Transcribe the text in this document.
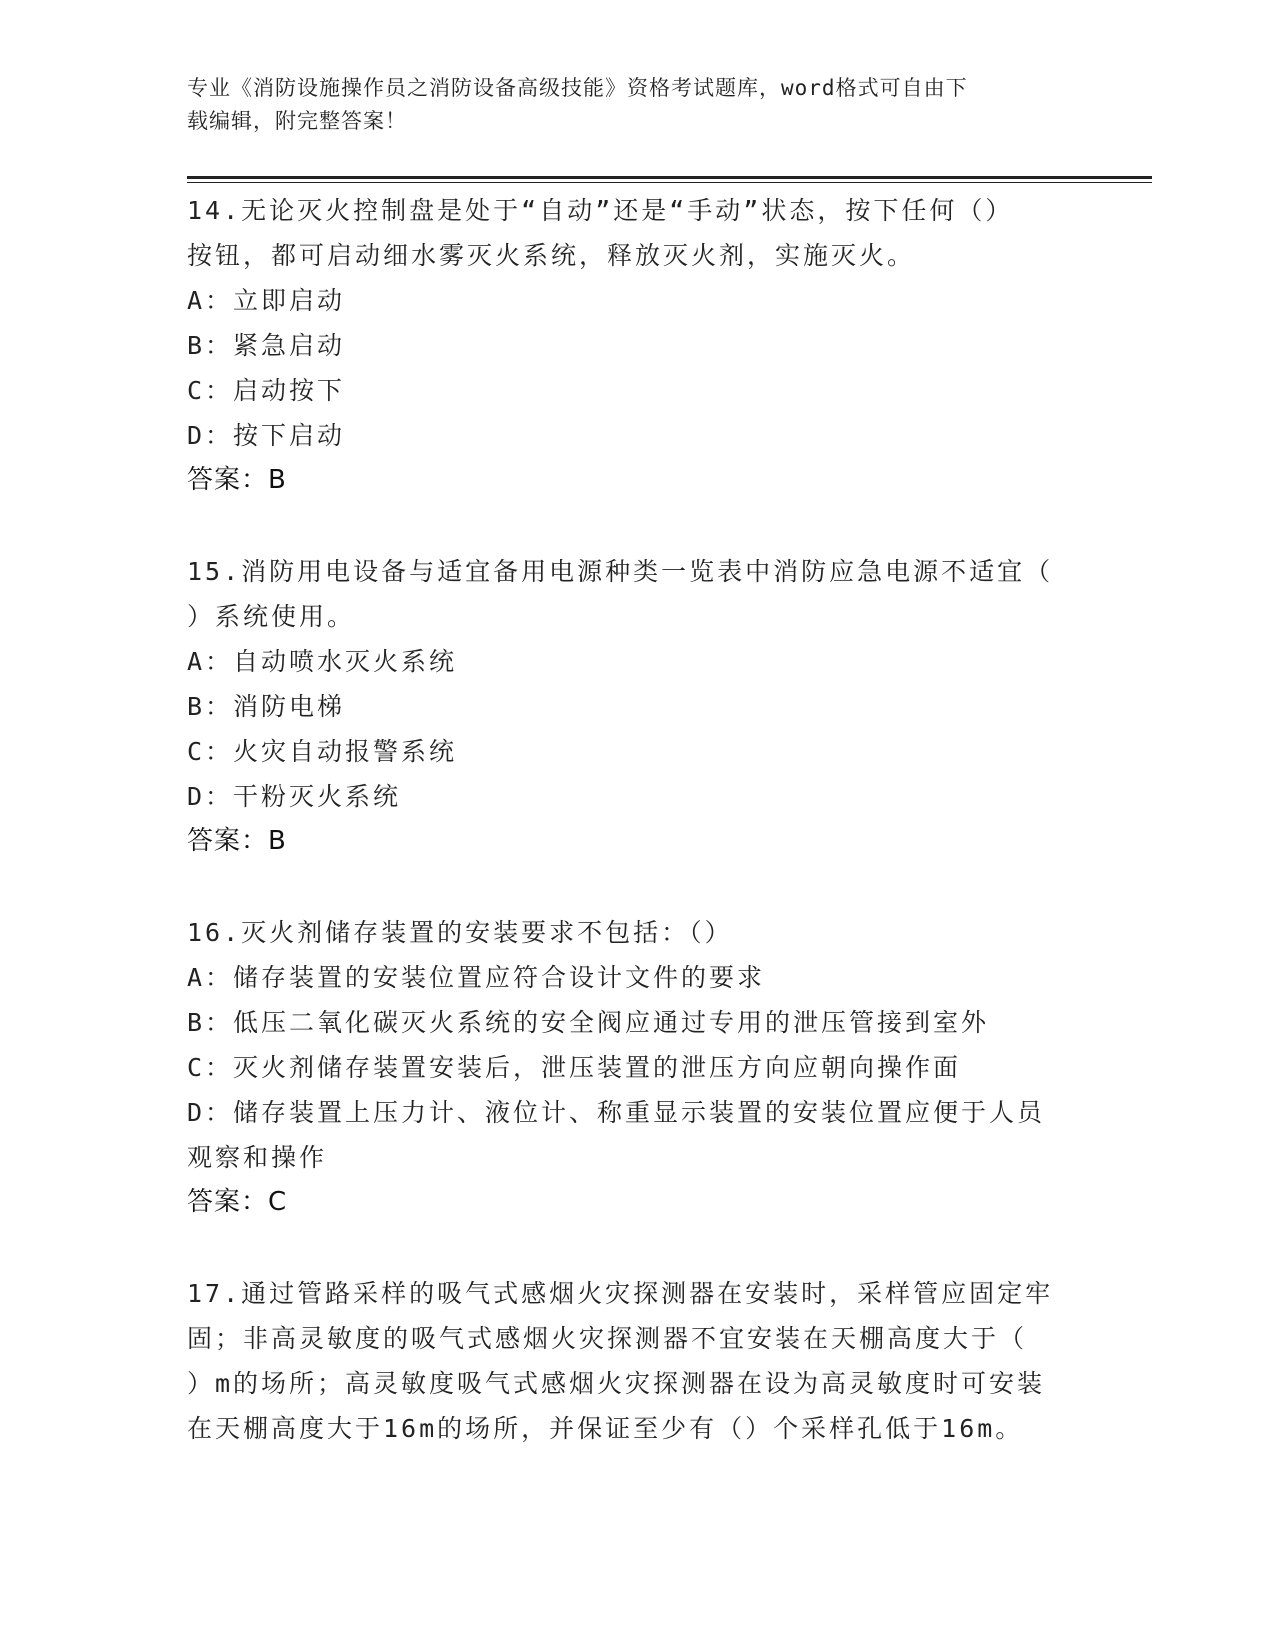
专业《消防设施操作员之消防设备高级技能》资格考试题库，word格式可自由下
载编辑，附完整答案！

14.无论灭火控制盘是处于“自动”还是“手动”状态，按下任何（）

按钮，都可启动细水雾灭火系统，释放灭火剂，实施灭火。

A：立即启动

B：紧急启动

C：启动按下

D：按下启动

答案：B

15.消防用电设备与适宜备用电源种类一览表中消防应急电源不适宜（

）系统使用。

A：自动喷水灭火系统

B：消防电梯

C：火灾自动报警系统

D：干粉灭火系统

答案：B

16.灭火剂储存装置的安装要求不包括：（）

A：储存装置的安装位置应符合设计文件的要求

B：低压二氧化碳灭火系统的安全阀应通过专用的泄压管接到室外

C：灭火剂储存装置安装后，泄压装置的泄压方向应朝向操作面

D：储存装置上压力计、液位计、称重显示装置的安装位置应便于人员

观察和操作

答案：C

17.通过管路采样的吸气式感烟火灾探测器在安装时，采样管应固定牢

固；非高灵敏度的吸气式感烟火灾探测器不宜安装在天棚高度大于（

）m的场所；高灵敏度吸气式感烟火灾探测器在设为高灵敏度时可安装

在天棚高度大于16m的场所，并保证至少有（）个采样孔低于16m。
